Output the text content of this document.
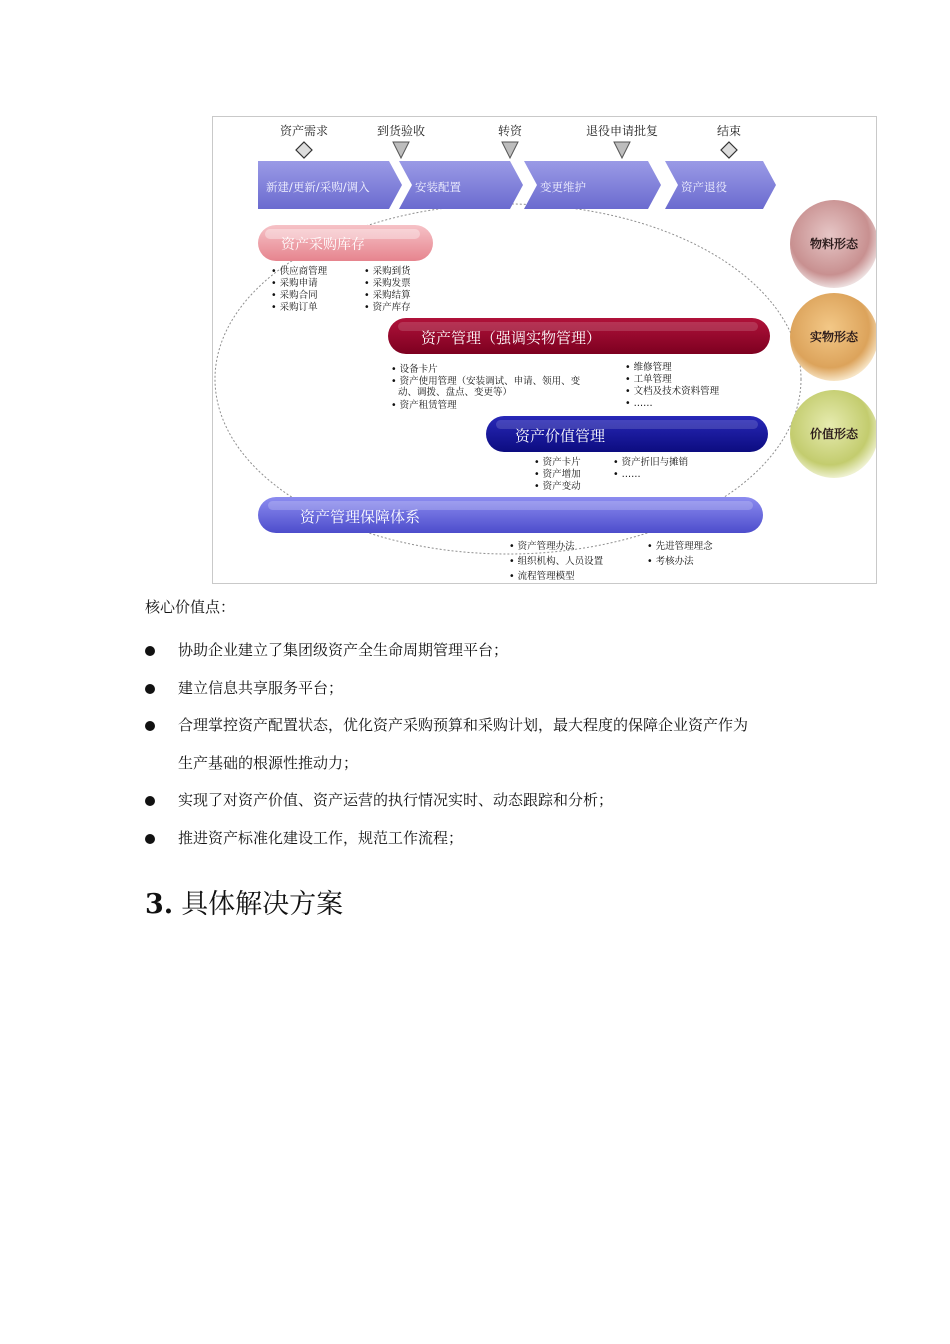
资产需求	到货验收	转资	退役申请批复	结束
新建/更新/采购/调入	安装配置	变更维护	资产退役
物料形态
实物形态
价值形态
资产采购库存
• 供应商管理
• 采购申请
• 采购合同
• 采购订单
• 采购到货
• 采购发票
• 采购结算
• 资产库存
资产管理（强调实物管理）
• 设备卡片
• 资产使用管理（安装调试、申请、领用、变
动、调拨、盘点、变更等）
• 资产租赁管理
• 维修管理
• 工单管理
• 文档及技术资料管理
• ……
资产价值管理
• 资产卡片
• 资产增加
• 资产变动
• 资产折旧与摊销
• ……
资产管理保障体系
• 资产管理办法
• 组织机构、人员设置
• 流程管理模型
• 先进管理理念
• 考核办法
核心价值点：
协助企业建立了集团级资产全生命周期管理平台；
建立信息共享服务平台；
合理掌控资产配置状态，优化资产采购预算和采购计划，最大程度的保障企业资产作为
生产基础的根源性推动力；
实现了对资产价值、资产运营的执行情况实时、动态跟踪和分析；
推进资产标准化建设工作，规范工作流程；
3. 具体解决方案
